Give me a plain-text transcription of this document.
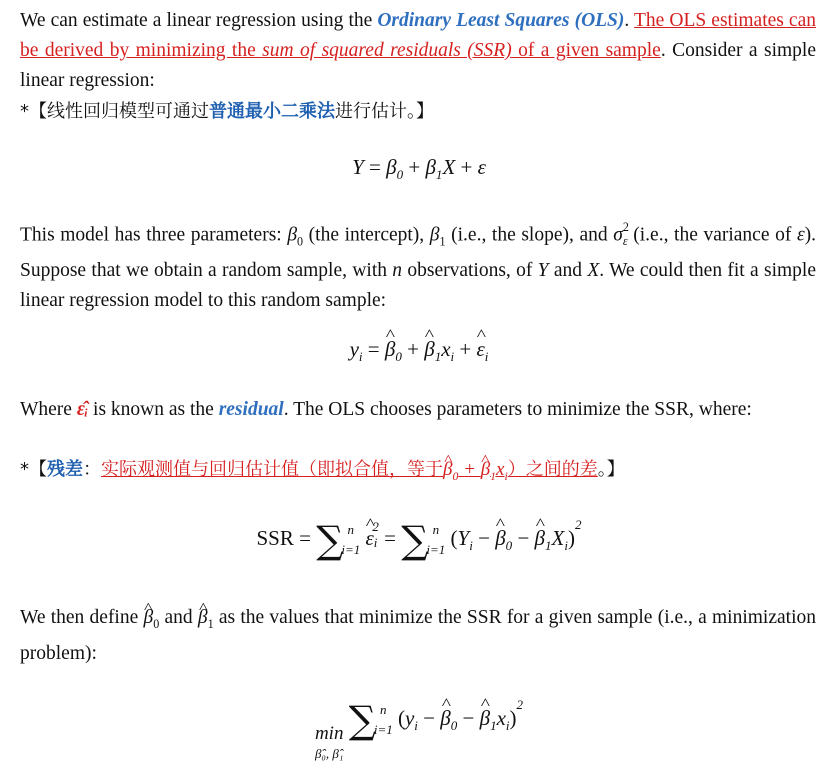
We can estimate a linear regression using the Ordinary Least Squares (OLS). The OLS estimates can be derived by minimizing the sum of squared residuals (SSR) of a given sample. Consider a simple linear regression:

*【线性回归模型可通过普通最小二乘法进行估计。】

$Y = \beta_0 + \beta_1X + \varepsilon$

This model has three parameters: $\beta_0$ (the intercept), $\beta_1$ (i.e., the slope), and $\sigma^2_\varepsilon$ (i.e., the variance of ε). Suppose that we obtain a random sample, with n observations, of Y and X. We could then fit a simple linear regression model to this random sample:

$y_i$ = ^ $\beta_0$ + ^ $\beta_1x_i$ + ^ $\varepsilon_i$

Where ε̂ᵢ is known as the residual. The OLS chooses parameters to minimize the SSR, where:

*【残差：实际观测值与回归估计值（即拟合值，等于^ $\beta_0$ + ^ $\beta_1x_i$）之间的差。】

SSR = ∑ n
i=1 ^ $\varepsilon_i^2$ = ∑ n
i=1 ($Y_i$ − ^ $\beta_0$ − ^ $\beta_1X_i)^2$

We then define ^ $\beta_0$ and ^ $\beta_1$ as the values that minimize the SSR for a given sample (i.e., a minimization problem):

min
β̂₀, β̂₁
∑ n
i=1 ($y_i$ − ^ $\beta_0$ − ^ $\beta_1x_i)^2$
